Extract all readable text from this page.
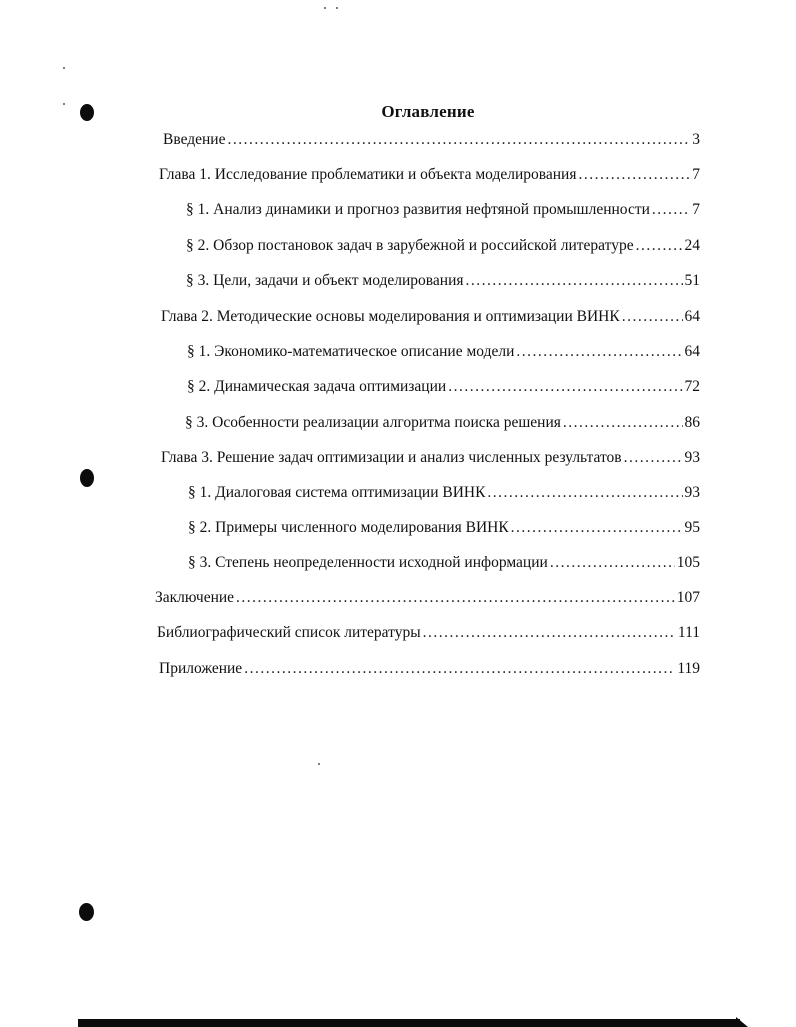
Оглавление
Введение .....	3
Глава 1. Исследование проблематики и объекта моделирования .....	7
§ 1. Анализ динамики и прогноз развития нефтяной промышленности .....	7
§ 2. Обзор постановок задач в зарубежной и российской литературе .....	24
§ 3. Цели, задачи и объект моделирования .....	51
Глава 2. Методические основы моделирования и оптимизации ВИНК .....	64
§ 1. Экономико-математическое описание модели .....	64
§ 2. Динамическая задача оптимизации .....	72
§ 3. Особенности реализации алгоритма поиска решения .....	86
Глава 3. Решение задач оптимизации и анализ численных результатов .....	93
§ 1. Диалоговая система оптимизации ВИНК .....	93
§ 2. Примеры численного моделирования ВИНК .....	95
§ 3. Степень неопределенности исходной информации .....	105
Заключение .....	107
Библиографический список литературы .....	111
Приложение .....	119
